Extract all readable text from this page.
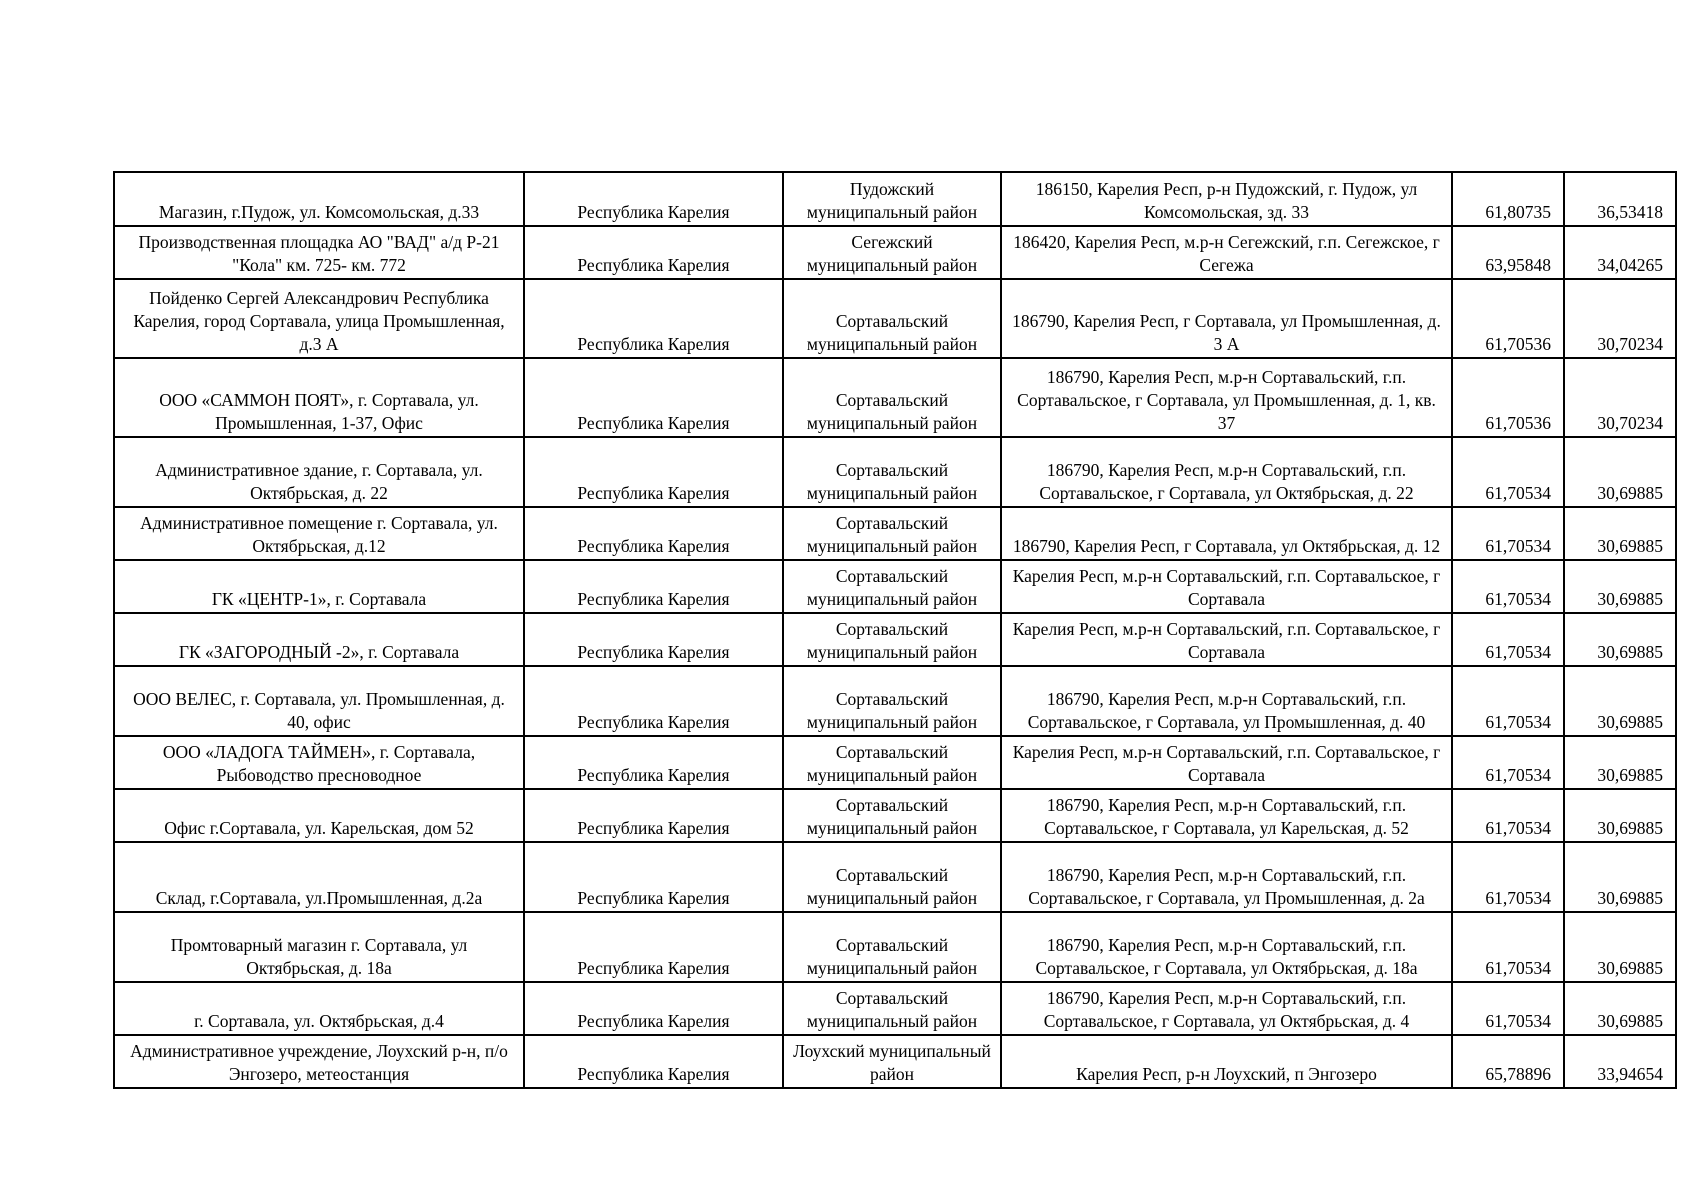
Магазин, г.Пудож, ул. Комсомольская, д.33	Республика Карелия	Пудожский муниципальный район	186150, Карелия Респ, р-н Пудожский, г. Пудож, ул Комсомольская, зд. 33	61,80735	36,53418
Производственная площадка АО "ВАД" а/д Р-21 "Кола" км. 725- км. 772	Республика Карелия	Сегежский муниципальный район	186420, Карелия Респ, м.р-н Сегежский, г.п. Сегежское, г Сегежа	63,95848	34,04265
Пойденко Сергей Александрович Республика Карелия, город Сортавала, улица Промышленная, д.3 А	Республика Карелия	Сортавальский муниципальный район	186790, Карелия Респ, г Сортавала, ул Промышленная, д. 3 А	61,70536	30,70234
ООО «САММОН ПОЯТ», г. Сортавала, ул. Промышленная, 1-37, Офис	Республика Карелия	Сортавальский муниципальный район	186790, Карелия Респ, м.р-н Сортавальский, г.п. Сортавальское, г Сортавала, ул Промышленная, д. 1, кв. 37	61,70536	30,70234
Административное здание, г. Сортавала, ул. Октябрьская, д. 22	Республика Карелия	Сортавальский муниципальный район	186790, Карелия Респ, м.р-н Сортавальский, г.п. Сортавальское, г Сортавала, ул Октябрьская, д. 22	61,70534	30,69885
Административное помещение г. Сортавала, ул. Октябрьская, д.12	Республика Карелия	Сортавальский муниципальный район	186790, Карелия Респ, г Сортавала, ул Октябрьская, д. 12	61,70534	30,69885
ГК «ЦЕНТР-1», г. Сортавала	Республика Карелия	Сортавальский муниципальный район	Карелия Респ, м.р-н Сортавальский, г.п. Сортавальское, г Сортавала	61,70534	30,69885
ГК «ЗАГОРОДНЫЙ -2», г. Сортавала	Республика Карелия	Сортавальский муниципальный район	Карелия Респ, м.р-н Сортавальский, г.п. Сортавальское, г Сортавала	61,70534	30,69885
ООО ВЕЛЕС, г. Сортавала, ул. Промышленная, д. 40, офис	Республика Карелия	Сортавальский муниципальный район	186790, Карелия Респ, м.р-н Сортавальский, г.п. Сортавальское, г Сортавала, ул Промышленная, д. 40	61,70534	30,69885
ООО «ЛАДОГА ТАЙМЕН», г. Сортавала, Рыбоводство пресноводное	Республика Карелия	Сортавальский муниципальный район	Карелия Респ, м.р-н Сортавальский, г.п. Сортавальское, г Сортавала	61,70534	30,69885
Офис г.Сортавала, ул. Карельская, дом 52	Республика Карелия	Сортавальский муниципальный район	186790, Карелия Респ, м.р-н Сортавальский, г.п. Сортавальское, г Сортавала, ул Карельская, д. 52	61,70534	30,69885
Склад, г.Сортавала, ул.Промышленная, д.2а	Республика Карелия	Сортавальский муниципальный район	186790, Карелия Респ, м.р-н Сортавальский, г.п. Сортавальское, г Сортавала, ул Промышленная, д. 2а	61,70534	30,69885
Промтоварный магазин г. Сортавала, ул Октябрьская, д. 18а	Республика Карелия	Сортавальский муниципальный район	186790, Карелия Респ, м.р-н Сортавальский, г.п. Сортавальское, г Сортавала, ул Октябрьская, д. 18а	61,70534	30,69885
г. Сортавала, ул. Октябрьская, д.4	Республика Карелия	Сортавальский муниципальный район	186790, Карелия Респ, м.р-н Сортавальский, г.п. Сортавальское, г Сортавала, ул Октябрьская, д. 4	61,70534	30,69885
Административное учреждение, Лоухский р-н, п/о Энгозеро, метеостанция	Республика Карелия	Лоухский муниципальный район	Карелия Респ, р-н Лоухский, п Энгозеро	65,78896	33,94654
